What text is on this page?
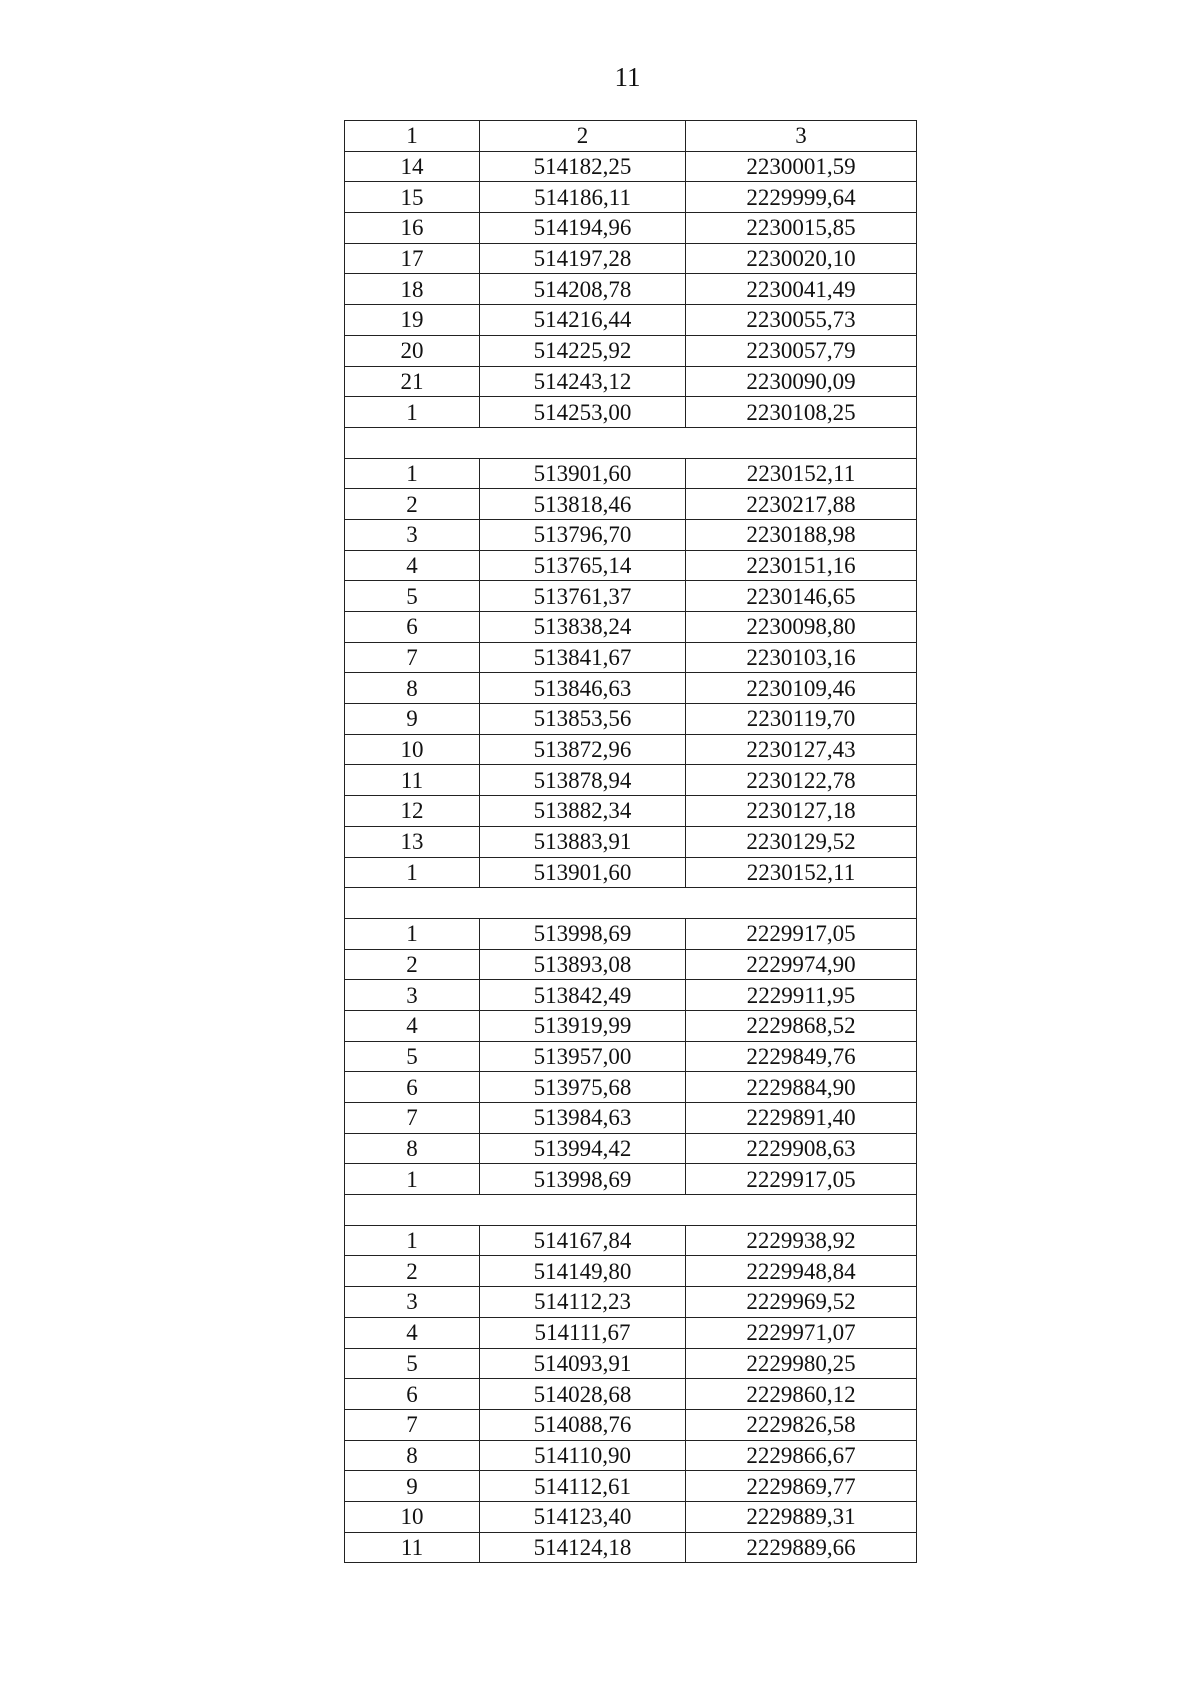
11
1	2	3
14	514182,25	2230001,59
15	514186,11	2229999,64
16	514194,96	2230015,85
17	514197,28	2230020,10
18	514208,78	2230041,49
19	514216,44	2230055,73
20	514225,92	2230057,79
21	514243,12	2230090,09
1	514253,00	2230108,25

1	513901,60	2230152,11
2	513818,46	2230217,88
3	513796,70	2230188,98
4	513765,14	2230151,16
5	513761,37	2230146,65
6	513838,24	2230098,80
7	513841,67	2230103,16
8	513846,63	2230109,46
9	513853,56	2230119,70
10	513872,96	2230127,43
11	513878,94	2230122,78
12	513882,34	2230127,18
13	513883,91	2230129,52
1	513901,60	2230152,11

1	513998,69	2229917,05
2	513893,08	2229974,90
3	513842,49	2229911,95
4	513919,99	2229868,52
5	513957,00	2229849,76
6	513975,68	2229884,90
7	513984,63	2229891,40
8	513994,42	2229908,63
1	513998,69	2229917,05

1	514167,84	2229938,92
2	514149,80	2229948,84
3	514112,23	2229969,52
4	514111,67	2229971,07
5	514093,91	2229980,25
6	514028,68	2229860,12
7	514088,76	2229826,58
8	514110,90	2229866,67
9	514112,61	2229869,77
10	514123,40	2229889,31
11	514124,18	2229889,66
